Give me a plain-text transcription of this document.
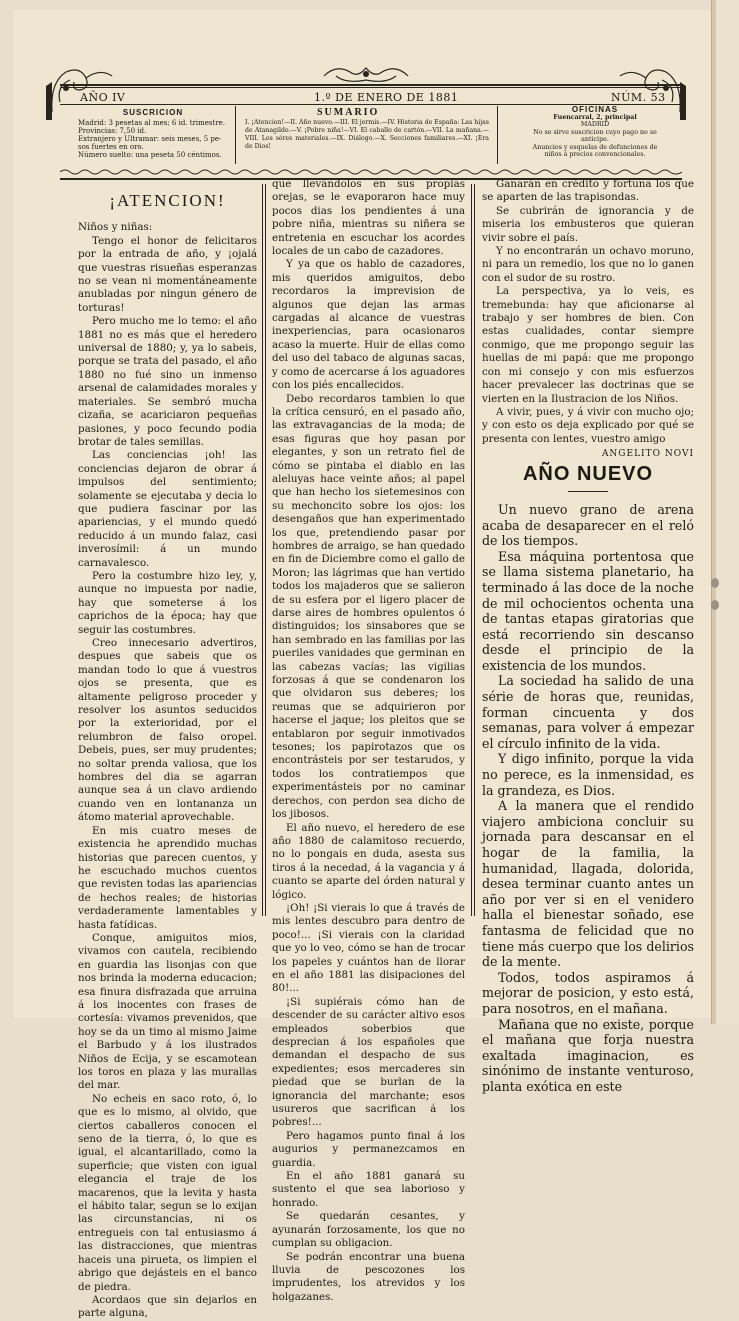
AÑO IV	1.º DE ENERO DE 1881	NÚM. 53
SUSCRICION
Madrid: 3 pesetas al mes; 6 id. trimestre.
Provincias: 7,50 id.
Extranjero y Ultramar: seis meses, 5 pe-
sos fuertes en oro.
Número suelto: una peseta 50 céntimos.
SUMARIO
I. ¡Atencion!—II. Año nuevo.—III. El jermis.—IV. Historia de España: Las hijas de Atanagildo.—V. ¡Pobre niña!—VI. El caballo de cartón.—VII. La mañana.—VIII. Los séres materiales.—IX. Diálogo.—X. Secciones familiares.—XI. ¡Era de Dios!
OFICINAS
Fuencarral, 2, principal
MADRID
No se sirve suscricion cuyo pago no se
anticipe.
Anuncios y esquelas de defunciones de
niños á precios convencionales.
¡ATENCION!

Niños y niñas:

Tengo el honor de felicitaros por la entrada de año, y ¡ojalá que vuestras risueñas esperanzas no se vean ni momentáneamente anubladas por ningun género de torturas!

Pero mucho me lo temo: el año 1881 no es más que el heredero universal de 1880; y, ya lo sabeis, porque se trata del pasado, el año 1880 no fué sino un inmenso arsenal de calamidades morales y materiales. Se sembró mucha cizaña, se acariciaron pequeñas pasiones, y poco fecundo podia brotar de tales semillas.

Las conciencias ¡oh! las conciencias dejaron de obrar á impulsos del sentimiento; solamente se ejecutaba y decia lo que pudiera fascinar por las apariencias, y el mundo quedó reducido á un mundo falaz, casi inverosímil: á un mundo carnavalesco.

Pero la costumbre hizo ley, y, aunque no impuesta por nadie, hay que someterse á los caprichos de la época; hay que seguir las costumbres.

Creo innecesario advertiros, despues que sabeis que os mandan todo lo que á vuestros ojos se presenta, que es altamente peligroso proceder y resolver los asuntos seducidos por la exterioridad, por el relumbron de falso oropel. Debeis, pues, ser muy prudentes; no soltar prenda valiosa, que los hombres del dia se agarran aunque sea á un clavo ardiendo cuando ven en lontananza un átomo material aprovechable.

En mis cuatro meses de existencia he aprendido muchas historias que parecen cuentos, y he escuchado muchos cuentos que revisten todas las apariencias de hechos reales; de historias verdaderamente lamentables y hasta fatídicas.

Conque, amiguitos mios, vivamos con cautela, recibiendo en guardia las lisonjas con que nos brinda la moderna educacion; esa finura disfrazada que arruina á los inocentes con frases de cortesía: vivamos prevenidos, que hoy se da un timo al mismo Jaime el Barbudo y á los ilustrados Niños de Ecija, y se escamotean los toros en plaza y las murallas del mar.

No echeis en saco roto, ó, lo que es lo mismo, al olvido, que ciertos caballeros conocen el seno de la tierra, ó, lo que es igual, el alcantarillado, como la superficie; que visten con igual elegancia el traje de los macarenos, que la levita y hasta el hábito talar, segun se lo exijan las circunstancias, ni os entregueis con tal entusiasmo á las distracciones, que mientras haceis una pirueta, os limpien el abrigo que dejásteis en el banco de piedra.

Acordaos que sin dejarlos en parte alguna,

que llevándolos en sus propias orejas, se le evaporaron hace muy pocos dias los pendientes á una pobre niña, mientras su niñera se entretenia en escuchar los acordes locales de un cabo de cazadores.

Y ya que os hablo de cazadores, mis queridos amiguitos, debo recordaros la imprevision de algunos que dejan las armas cargadas al alcance de vuestras inexperiencias, para ocasionaros acaso la muerte. Huir de ellas como del uso del tabaco de algunas sacas, y como de acercarse á los aguadores con los piés encallecidos.

Debo recordaros tambien lo que la crítica censuró, en el pasado año, las extravagancias de la moda; de esas figuras que hoy pasan por elegantes, y son un retrato fiel de cómo se pintaba el diablo en las aleluyas hace veinte años; al papel que han hecho los sietemesinos con su mechoncito sobre los ojos: los desengaños que han experimentado los que, pretendiendo pasar por hombres de arraigo, se han quedado en fin de Diciembre como el gallo de Moron; las lágrimas que han vertido todos los majaderos que se salieron de su esfera por el ligero placer de darse aires de hombres opulentos ó distinguidos; los sinsabores que se han sembrado en las familias por las pueriles vanidades que germinan en las cabezas vacías; las vigilias forzosas á que se condenaron los que olvidaron sus deberes; los reumas que se adquirieron por hacerse el jaque; los pleitos que se entablaron por seguir inmotivados tesones; los papirotazos que os encontrásteis por ser testarudos, y todos los contratiempos que experimentásteis por no caminar derechos, con perdon sea dicho de los jibosos.

El año nuevo, el heredero de ese año 1880 de calamitoso recuerdo, no lo pongais en duda, asesta sus tiros á la necedad, á la vagancia y á cuanto se aparte del órden natural y lógico.

¡Oh! ¡Si vierais lo que á través de mis lentes descubro para dentro de poco!... ¡Si vierais con la claridad que yo lo veo, cómo se han de trocar los papeles y cuántos han de llorar en el año 1881 las disipaciones del 80!...

¡Si supiérais cómo han de descender de su carácter altivo esos empleados soberbios que desprecian á los españoles que demandan el despacho de sus expedientes; esos mercaderes sin piedad que se burlan de la ignorancia del marchante; esos usureros que sacrifican á los pobres!...

Pero hagamos punto final á los augurios y permanezcamos en guardia.

En el año 1881 ganará su sustento el que sea laborioso y honrado.

Se quedarán cesantes, y ayunarán forzosamente, los que no cumplan su obligacion.

Se podrán encontrar una buena lluvia de pescozones los imprudentes, los atrevidos y los holgazanes.

Ganarán en crédito y fortuna los que se aparten de las trapisondas.

Se cubrirán de ignorancia y de miseria los embusteros que quieran vivir sobre el país.

Y no encontrarán un ochavo moruno, ni para un remedio, los que no lo ganen con el sudor de su rostro.

La perspectiva, ya lo veis, es tremebunda: hay que aficionarse al trabajo y ser hombres de bien. Con estas cualidades, contar siempre conmigo, que me propongo seguir las huellas de mi papá: que me propongo con mi consejo y con mis esfuerzos hacer prevalecer las doctrinas que se vierten en la Ilustracion de los Niños.

A vivir, pues, y á vivir con mucho ojo; y con esto os deja explicado por qué se presenta con lentes, vuestro amigo

ANGELITO NOVI
AÑO NUEVO

Un nuevo grano de arena acaba de desaparecer en el reló de los tiempos.

Esa máquina portentosa que se llama sistema planetario, ha terminado á las doce de la noche de mil ochocientos ochenta una de tantas etapas giratorias que está recorriendo sin descanso desde el principio de la existencia de los mundos.

La sociedad ha salido de una série de horas que, reunidas, forman cincuenta y dos semanas, para volver á empezar el círculo infinito de la vida.

Y digo infinito, porque la vida no perece, es la inmensidad, es la grandeza, es Dios.

A la manera que el rendido viajero ambiciona concluir su jornada para descansar en el hogar de la familia, la humanidad, llagada, dolorida, desea terminar cuanto antes un año por ver si en el venidero halla el bienestar soñado, ese fantasma de felicidad que no tiene más cuerpo que los delirios de la mente.

Todos, todos aspiramos á mejorar de posicion, y esto está, para nosotros, en el mañana.

Mañana que no existe, porque el mañana que forja nuestra exaltada imaginacion, es sinónimo de instante venturoso, planta exótica en este
